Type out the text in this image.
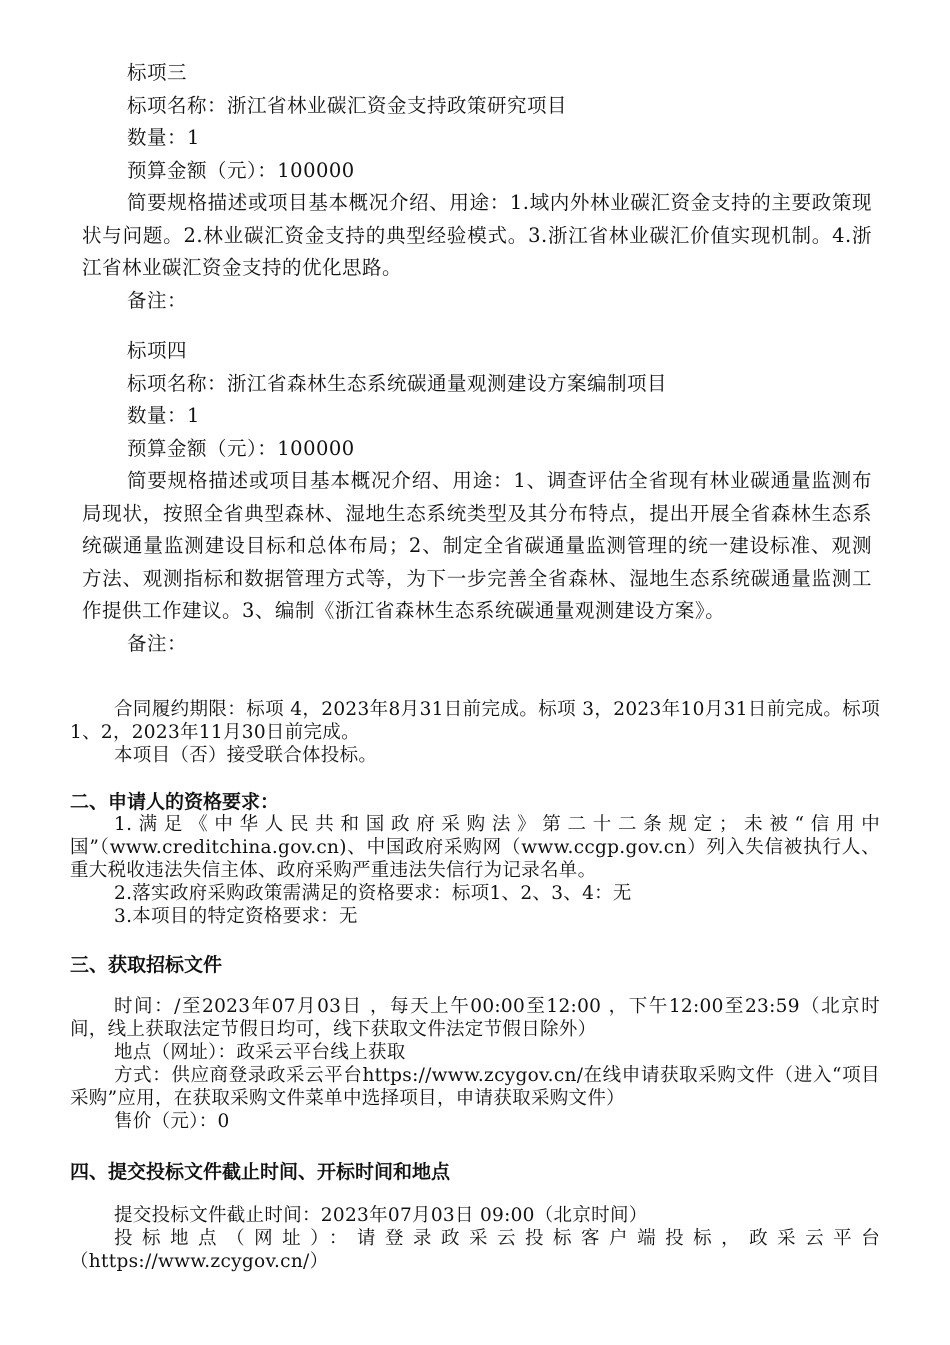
标项三
标项名称：浙江省林业碳汇资金支持政策研究项目
数量：1
预算金额（元）：100000
简要规格描述或项目基本概况介绍、用途：1.域内外林业碳汇资金支持的主要政策现状与问题。2.林业碳汇资金支持的典型经验模式。3.浙江省林业碳汇价值实现机制。4.浙江省林业碳汇资金支持的优化思路。
备注：
标项四
标项名称：浙江省森林生态系统碳通量观测建设方案编制项目
数量：1
预算金额（元）：100000
简要规格描述或项目基本概况介绍、用途：1、调查评估全省现有林业碳通量监测布局现状，按照全省典型森林、湿地生态系统类型及其分布特点，提出开展全省森林生态系统碳通量监测建设目标和总体布局；2、制定全省碳通量监测管理的统一建设标准、观测方法、观测指标和数据管理方式等，为下一步完善全省森林、湿地生态系统碳通量监测工作提供工作建议。3、编制《浙江省森林生态系统碳通量观测建设方案》。
备注：
合同履约期限：标项 4，2023年8月31日前完成。标项 3，2023年10月31日前完成。标项 1、2，2023年11月30日前完成。
本项目（否）接受联合体投标。
二、申请人的资格要求：
1.满足《中华人民共和国政府采购法》第二十二条规定；未被“信用中国”（www.creditchina.gov.cn)、中国政府采购网（www.ccgp.gov.cn）列入失信被执行人、重大税收违法失信主体、政府采购严重违法失信行为记录名单。
2.落实政府采购政策需满足的资格要求：标项1、2、3、4：无
3.本项目的特定资格要求：无
三、获取招标文件
时间：/至2023年07月03日 ，每天上午00:00至12:00 ，下午12:00至23:59（北京时间，线上获取法定节假日均可，线下获取文件法定节假日除外）
地点（网址）：政采云平台线上获取
方式：供应商登录政采云平台https://www.zcygov.cn/在线申请获取采购文件（进入“项目采购”应用，在获取采购文件菜单中选择项目，申请获取采购文件）
售价（元）：0
四、提交投标文件截止时间、开标时间和地点
提交投标文件截止时间：2023年07月03日 09:00（北京时间）
投标地点（网址）：请登录政采云投标客户端投标，政采云平台（https://www.zcygov.cn/）
